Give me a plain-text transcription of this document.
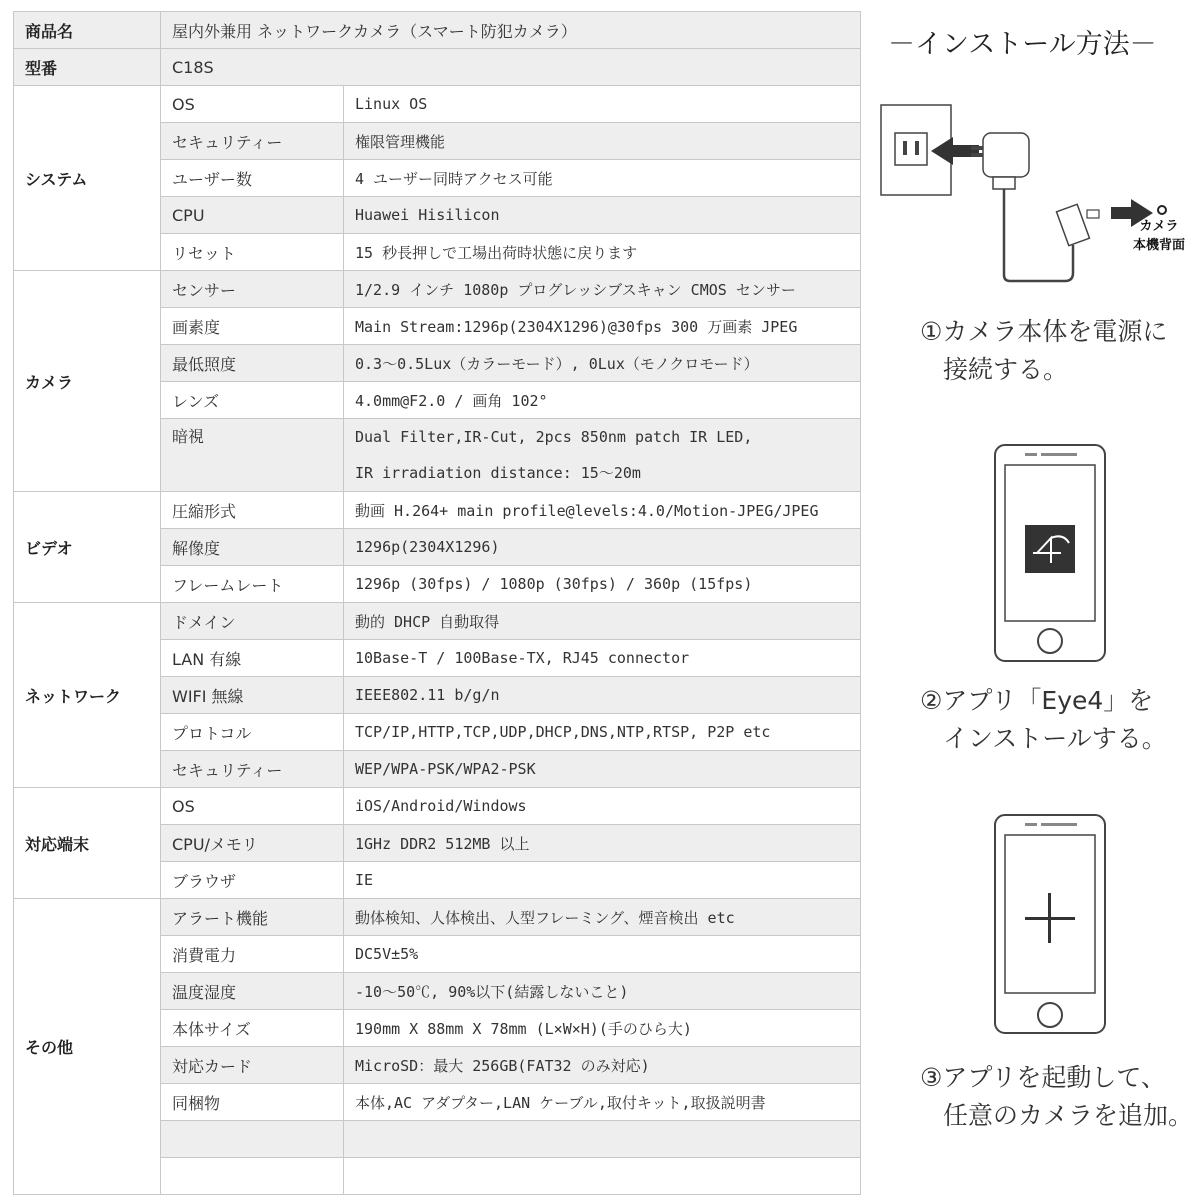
商品名	屋内外兼用 ネットワークカメラ（スマート防犯カメラ）	
型番	C18S	
システム	OS	Linux OS
	セキュリティー	権限管理機能
	ユーザー数	4 ユーザー同時アクセス可能
	CPU	Huawei Hisilicon
	リセット	15 秒長押しで工場出荷時状態に戻ります
カメラ	センサー	1/2.9 インチ 1080p プログレッシブスキャン CMOS センサー
	画素度	Main Stream:1296p(2304X1296)@30fps 300 万画素 JPEG
	最低照度	0.3～0.5Lux（カラーモード）, 0Lux（モノクロモード）
	レンズ	4.0mm@F2.0 / 画角 102°
	暗視	Dual Filter,IR-Cut, 2pcs 850nm patch IR LED,
IR irradiation distance: 15～20m

ビデオ	圧縮形式	動画 H.264+ main profile@levels:4.0/Motion-JPEG/JPEG
	解像度	1296p(2304X1296)
	フレームレート	1296p (30fps) / 1080p (30fps) / 360p (15fps)
ネットワーク	ドメイン	動的 DHCP 自動取得
	LAN 有線	10Base-T / 100Base-TX, RJ45 connector
	WIFI 無線	IEEE802.11 b/g/n
	プロトコル	TCP/IP,HTTP,TCP,UDP,DHCP,DNS,NTP,RTSP, P2P etc
	セキュリティー	WEP/WPA-PSK/WPA2-PSK
対応端末	OS	iOS/Android/Windows
	CPU/メモリ	1GHz DDR2 512MB 以上
	ブラウザ	IE
その他	アラート機能	動体検知、人体検出、人型フレーミング、煙音検出 etc
	消費電力	DC5V±5%
	温度湿度	-10～50℃, 90%以下(結露しないこと)
	本体サイズ	190mm X 88mm X 78mm (L×W×H)(手のひら大)
	対応カード	MicroSD：最大 256GB(FAT32 のみ対応)
	同梱物	本体,AC アダプター,LAN ケーブル,取付キット,取扱説明書

－インストール方法－
カメラ
本機背面
①カメラ本体を電源に
接続する。
②アプリ「Eye4」を
インストールする。
③アプリを起動して、
任意のカメラを追加。
